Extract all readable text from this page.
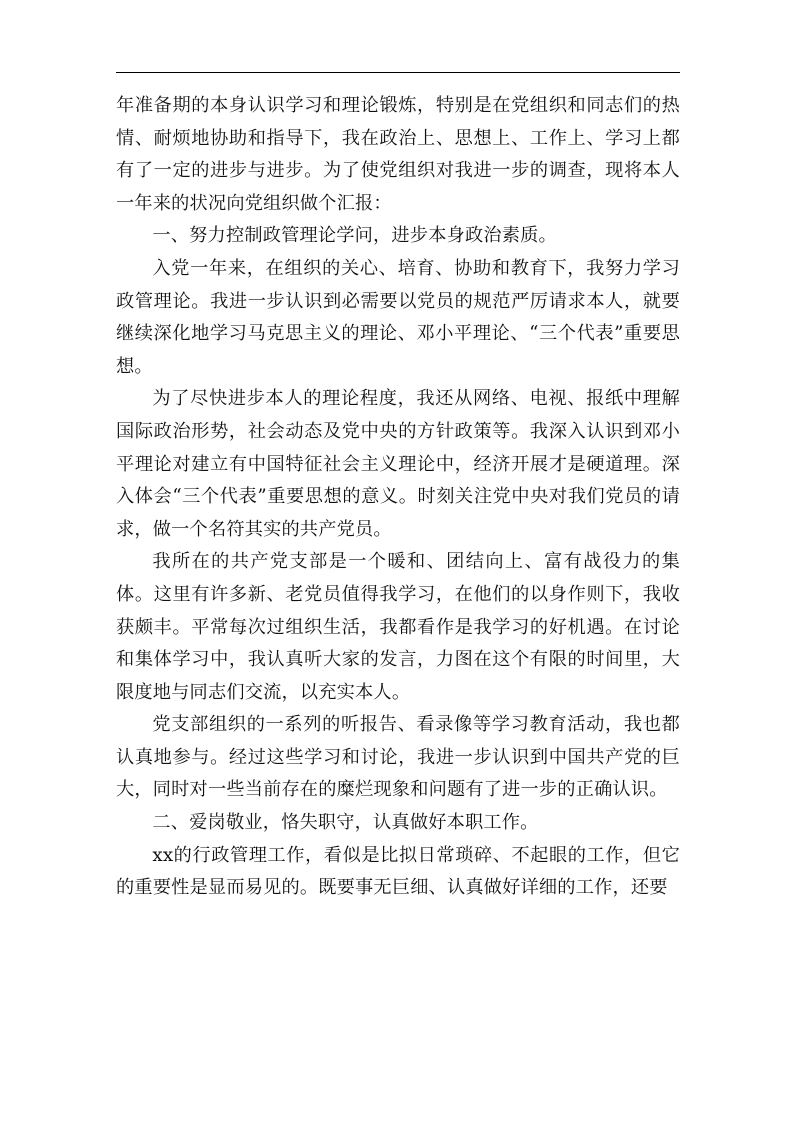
年准备期的本身认识学习和理论锻炼，特别是在党组织和同志们的热情、耐烦地协助和指导下，我在政治上、思想上、工作上、学习上都有了一定的进步与进步。为了使党组织对我进一步的调查，现将本人一年来的状况向党组织做个汇报：

一、努力控制政管理论学问，进步本身政治素质。

入党一年来，在组织的关心、培育、协助和教育下，我努力学习政管理论。我进一步认识到必需要以党员的规范严厉请求本人，就要继续深化地学习马克思主义的理论、邓小平理论、“三个代表”重要思想。

为了尽快进步本人的理论程度，我还从网络、电视、报纸中理解国际政治形势，社会动态及党中央的方针政策等。我深入认识到邓小平理论对建立有中国特征社会主义理论中，经济开展才是硬道理。深入体会“三个代表”重要思想的意义。时刻关注党中央对我们党员的请求，做一个名符其实的共产党员。

我所在的共产党支部是一个暖和、团结向上、富有战役力的集体。这里有许多新、老党员值得我学习，在他们的以身作则下，我收获颇丰。平常每次过组织生活，我都看作是我学习的好机遇。在讨论和集体学习中，我认真听大家的发言，力图在这个有限的时间里，大限度地与同志们交流，以充实本人。

党支部组织的一系列的听报告、看录像等学习教育活动，我也都认真地参与。经过这些学习和讨论，我进一步认识到中国共产党的巨大，同时对一些当前存在的糜烂现象和问题有了进一步的正确认识。

二、爱岗敬业，恪失职守，认真做好本职工作。

xx的行政管理工作，看似是比拟日常琐碎、不起眼的工作，但它的重要性是显而易见的。既要事无巨细、认真做好详细的工作，还要
